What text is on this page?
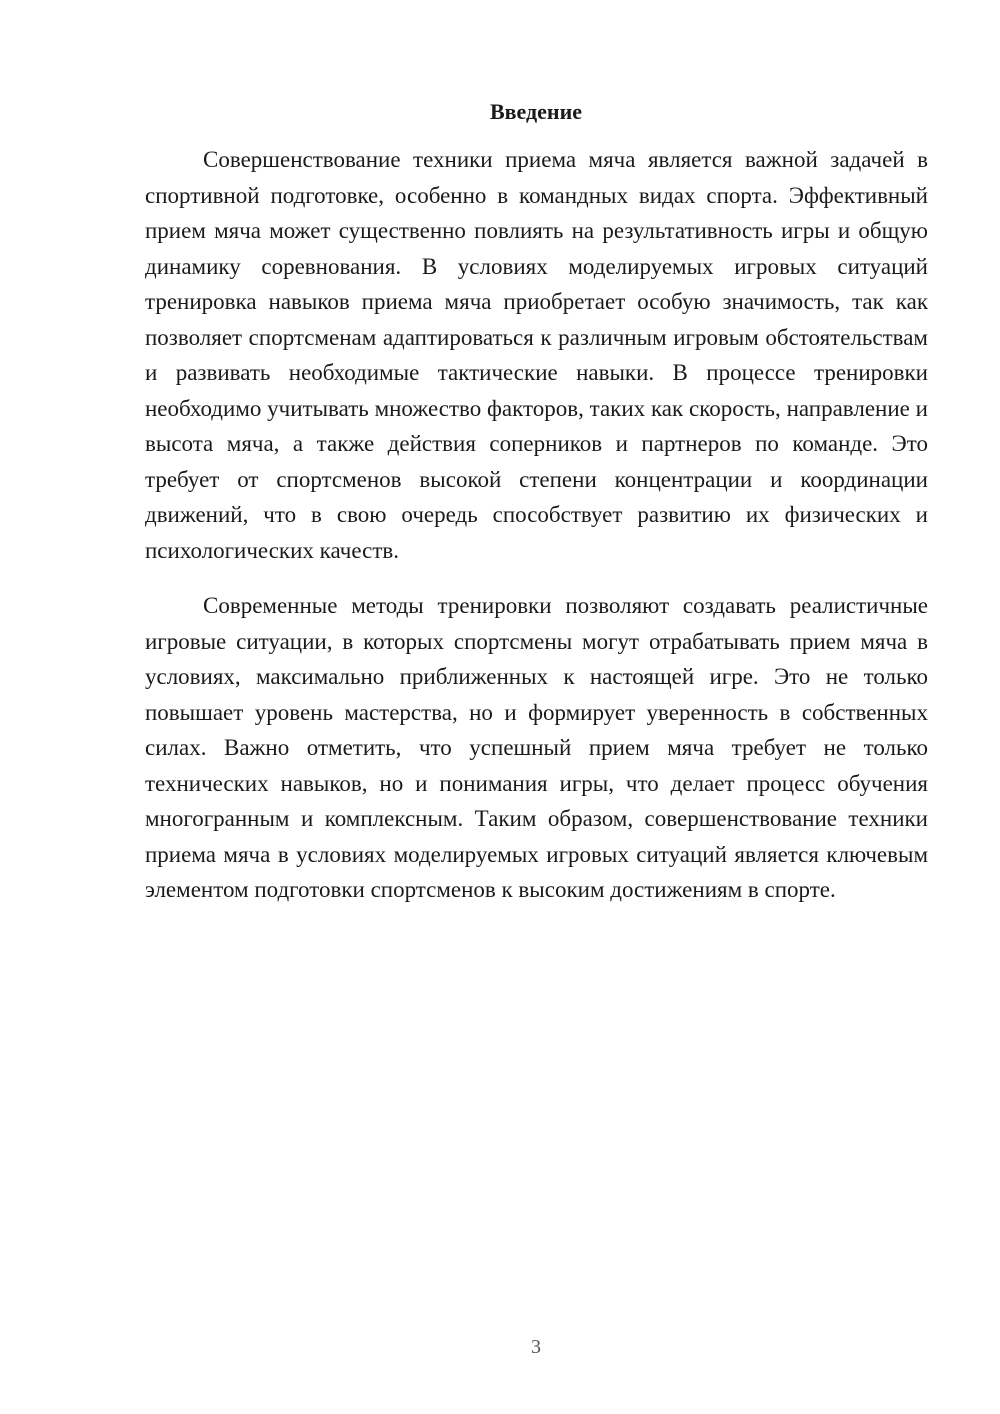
Введение

Совершенствование техники приема мяча является важной задачей в спортивной подготовке, особенно в командных видах спорта. Эффективный прием мяча может существенно повлиять на результативность игры и общую динамику соревнования. В условиях моделируемых игровых ситуаций тренировка навыков приема мяча приобретает особую значимость, так как позволяет спортсменам адаптироваться к различным игровым обстоятельствам и развивать необходимые тактические навыки. В процессе тренировки необходимо учитывать множество факторов, таких как скорость, направление и высота мяча, а также действия соперников и партнеров по команде. Это требует от спортсменов высокой степени концентрации и координации движений, что в свою очередь способствует развитию их физических и психологических качеств.

Современные методы тренировки позволяют создавать реалистичные игровые ситуации, в которых спортсмены могут отрабатывать прием мяча в условиях, максимально приближенных к настоящей игре. Это не только повышает уровень мастерства, но и формирует уверенность в собственных силах. Важно отметить, что успешный прием мяча требует не только технических навыков, но и понимания игры, что делает процесс обучения многогранным и комплексным. Таким образом, совершенствование техники приема мяча в условиях моделируемых игровых ситуаций является ключевым элементом подготовки спортсменов к высоким достижениям в спорте.

3
